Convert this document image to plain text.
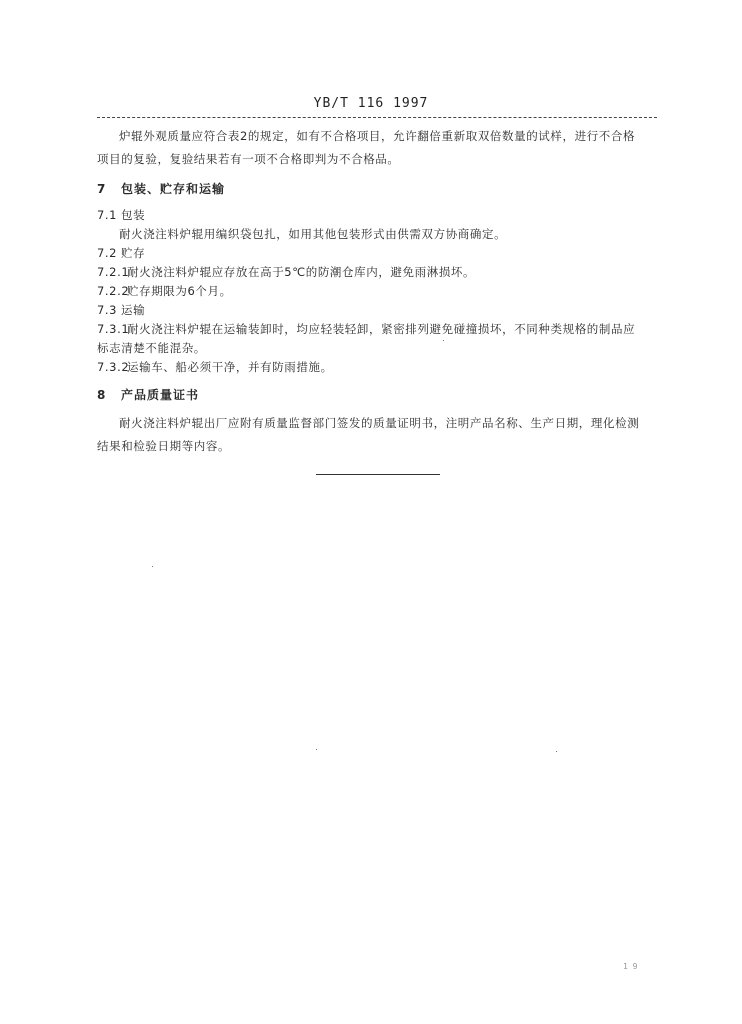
YB/T 116 1997
炉辊外观质量应符合表2的规定，如有不合格项目，允许翻倍重新取双倍数量的试样，进行不合格
项目的复验，复验结果若有一项不合格即判为不合格品。
7 包装、贮存和运输
7.1 包装
耐火浇注料炉辊用编织袋包扎，如用其他包装形式由供需双方协商确定。
7.2 贮存
7.2.1耐火浇注料炉辊应存放在高于5℃的防潮仓库内，避免雨淋损坏。
7.2.2贮存期限为6个月。
7.3 运输
7.3.1耐火浇注料炉辊在运输装卸时，均应轻装轻卸，紧密排列避免碰撞损坏，不同种类规格的制品应
标志清楚不能混杂。
7.3.2运输车、船必须干净，并有防雨措施。
8 产品质量证书
耐火浇注料炉辊出厂应附有质量监督部门签发的质量证明书，注明产品名称、生产日期，理化检测
结果和检验日期等内容。
1 9
